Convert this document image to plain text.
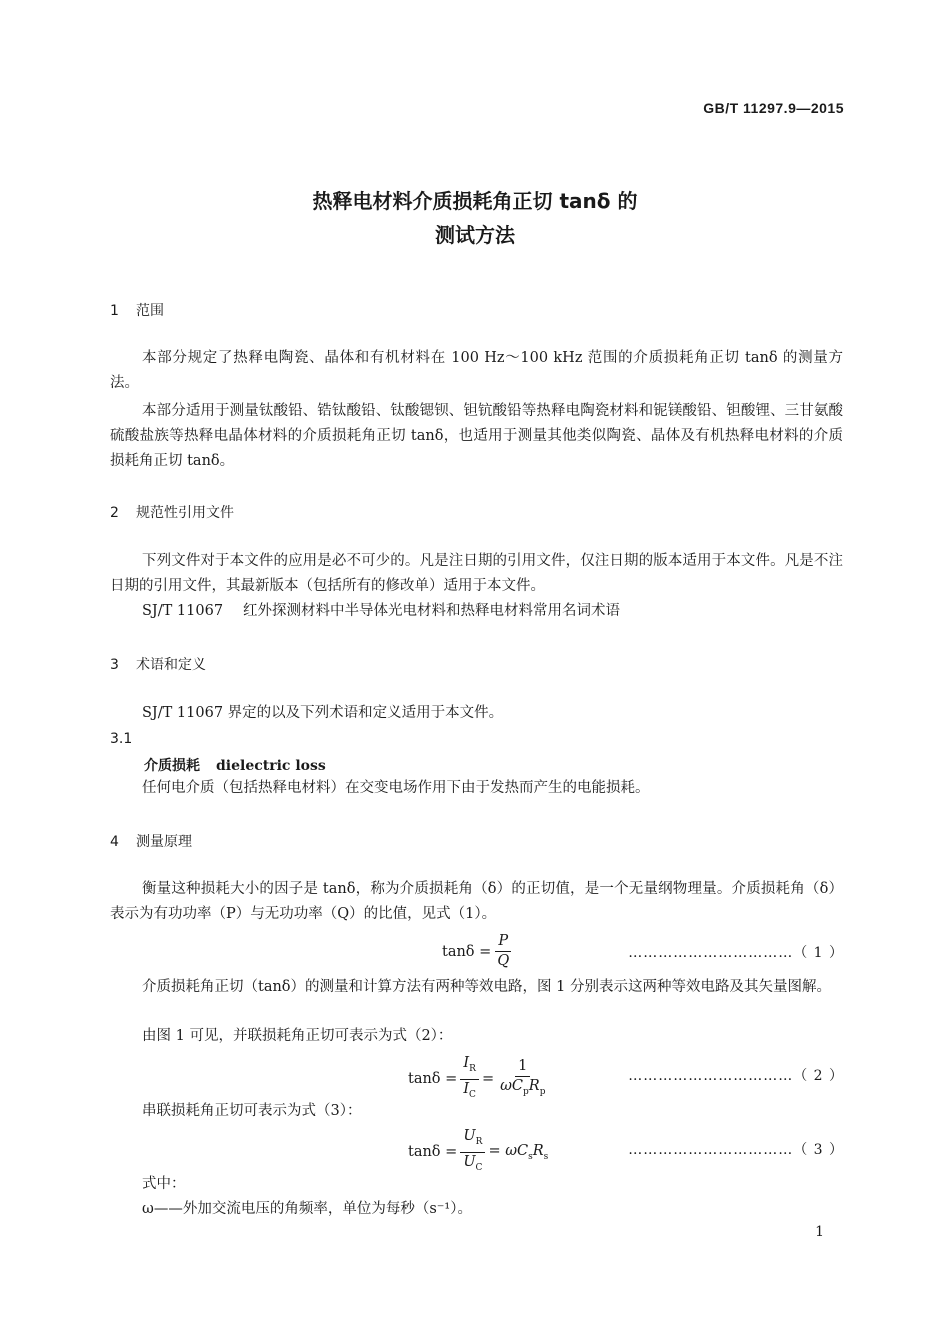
GB/T 11297.9—2015
热释电材料介质损耗角正切 tanδ 的
测试方法
1 范围
本部分规定了热释电陶瓷、晶体和有机材料在 100 Hz～100 kHz 范围的介质损耗角正切 tanδ 的测量方法。
本部分适用于测量钛酸铅、锆钛酸铅、钛酸锶钡、钽钪酸铅等热释电陶瓷材料和铌镁酸铅、钽酸锂、三甘氨酸硫酸盐族等热释电晶体材料的介质损耗角正切 tanδ，也适用于测量其他类似陶瓷、晶体及有机热释电材料的介质损耗角正切 tanδ。
2 规范性引用文件
下列文件对于本文件的应用是必不可少的。凡是注日期的引用文件，仅注日期的版本适用于本文件。凡是不注日期的引用文件，其最新版本（包括所有的修改单）适用于本文件。
SJ/T 11067 红外探测材料中半导体光电材料和热释电材料常用名词术语
3 术语和定义
SJ/T 11067 界定的以及下列术语和定义适用于本文件。
3.1
介质损耗 dielectric loss
任何电介质（包括热释电材料）在交变电场作用下由于发热而产生的电能损耗。
4 测量原理
衡量这种损耗大小的因子是 tanδ，称为介质损耗角（δ）的正切值，是一个无量纲物理量。介质损耗角（δ）表示为有功功率（P）与无功功率（Q）的比值，见式（1）。
$\tan\delta = \frac{P}{Q}$	……………………………（ 1 ）
介质损耗角正切（tanδ）的测量和计算方法有两种等效电路，图 1 分别表示这两种等效电路及其矢量图解。
由图 1 可见，并联损耗角正切可表示为式（2）：
$\tan\delta = \frac{I_R}{I_C} = \frac{1}{\omega C_pR_p}$	……………………………（ 2 ）
串联损耗角正切可表示为式（3）：
$\tan\delta = \frac{U_R}{U_C} = \omega C_sR_s$	……………………………（ 3 ）
式中：
ω——外加交流电压的角频率，单位为每秒（s⁻¹）。
1
